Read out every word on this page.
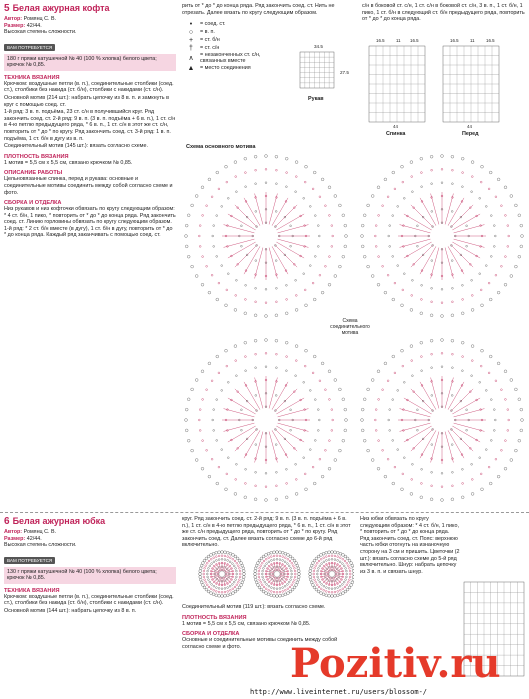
5 Белая ажурная кофта
Автор: Ромянц С. В.
Размер: 42/44.
Высокая степень сложности.
ВАМ ПОТРЕБУЕТСЯ
180 г пряжи катушечной № 40 (100 % хлопка) белого цвета;
крючок № 0,85.
ТЕХНИКА ВЯЗАНИЯ

Крючком: воздушные петли (в. п.), соединительные столбики (соед. ст.), столбики без накида (ст. б/н), столбики с накидами (ст. с/н).

Основной мотив (214 шт.): набрать цепочку из 8 в. п. и замкнуть в круг с помощью соед. ст.

1-й ряд: 3 в. п. подъёма, 23 ст. с/н в получившийся круг. Ряд закончить соед. ст. 2-й ряд: 9 в. п. (3 в. п. подъёма + 6 в. п.), 1 ст. с/н в 4-ю петлю предыдущего ряда, * 6 в. п., 1 ст. с/н в этот же ст. с/н, повторить от * до * по кругу. Ряд закончить соед. ст. 3-й ряд: 1 в. п. подъёма, 1 ст. б/н в дугу из в. п.

Соединительный мотив (145 шт.): вязать согласно схеме.

ПЛОТНОСТЬ ВЯЗАНИЯ
1 мотив = 5,5 см x 5,5 см, связано крючком № 0,85.
ОПИСАНИЕ РАБОТЫ
Цельновязанные спинка, перед и рукава: основные и соединительные мотивы соединить между собой согласно схеме и фото.
СБОРКА И ОТДЕЛКА
Низ рукавов и низ кофточки обвязать по кругу следующим образом: * 4 ст. б/н, 1 пико, * повторить от * до * до конца ряда. Ряд закончить соед. ст. Линию горловины обвязать по кругу следующим образом. 1-й ряд: * 2 ст. б/н вместе (в дугу), 1 ст. б/н в дугу, повторить от * до * до конца ряда. Каждый ряд заканчивать с помощью соед. ст.
рить от * до * до конца ряда. Ряд закончить соед. ст. Нить не отрезать. Далее вязать по кругу следующим образом.
•	= соед. ст.
○	= в. п.
+	= ст. б/н
†	= ст. с/н
∧	= незаконченных ст. с/н, связанных вместе
▲	= место соединения
Рукав
34.5
27.5
16.5	11 16.5	16.5	11	16.5
44	44
Спинка	Перед
с/н в боковой ст. с/н, 1 ст. с/н в боковой ст. с/н, 3 в. п., 1 ст. б/н, 1 пико, 1 ст. б/н в следующий ст. б/н предыдущего ряда, повторить от * до * до конца ряда.
Схема основного мотива
Схема соединительного мотива
6 Белая ажурная юбка
Автор: Ромянц С. В.
Размер: 42/44.
Высокая степень сложности.
ВАМ ПОТРЕБУЕТСЯ
130 г пряжи катушечной № 40 (100 % хлопка) белого цвета;
крючок № 0,85.
ТЕХНИКА ВЯЗАНИЯ

Крючком: воздушные петли (в. п.), соединительные столбики (соед. ст.), столбики без накида (ст. б/н), столбики с накидами (ст. с/н).

Основной мотив (144 шт.): набрать цепочку из 8 в. п.

круг. Ряд закончить соед. ст. 2-й ряд: 9 в. п. (3 в. п. подъёма + 6 в. п.), 1 ст. с/н в 4-ю петлю предыдущего ряда, * 6 в. п., 1 ст. с/н в этот же ст. с/н предыдущего ряда, повторить от * до * по кругу. Ряд закончить соед. ст. Далее вязать согласно схеме до 6-й ряд включительно.
Соединительный мотив (119 шт.): вязать согласно схеме.
ПЛОТНОСТЬ ВЯЗАНИЯ
1 мотив = 5,5 см x 5,5 см, связано крючком № 0,85.
СБОРКА И ОТДЕЛКА
Основные и соединительные мотивы соединить между собой согласно схеме и фото.
Низ юбки обвязать по кругу следующим образом: * 4 ст. б/н, 1 пико, * повторить от * до * до конца ряда. Ряд закончить соед. ст. Пояс: верхнюю часть юбки отогнуть на изнаночную сторону на 3 см и пришить. Цветочки (2 шт.): вязать согласно схеме до 5-й ряд включительно. Шнур: набрать цепочку из 3 в. п. и связать шнур.
Pozitiv.ru
http://www.liveinternet.ru/users/blossom-/
